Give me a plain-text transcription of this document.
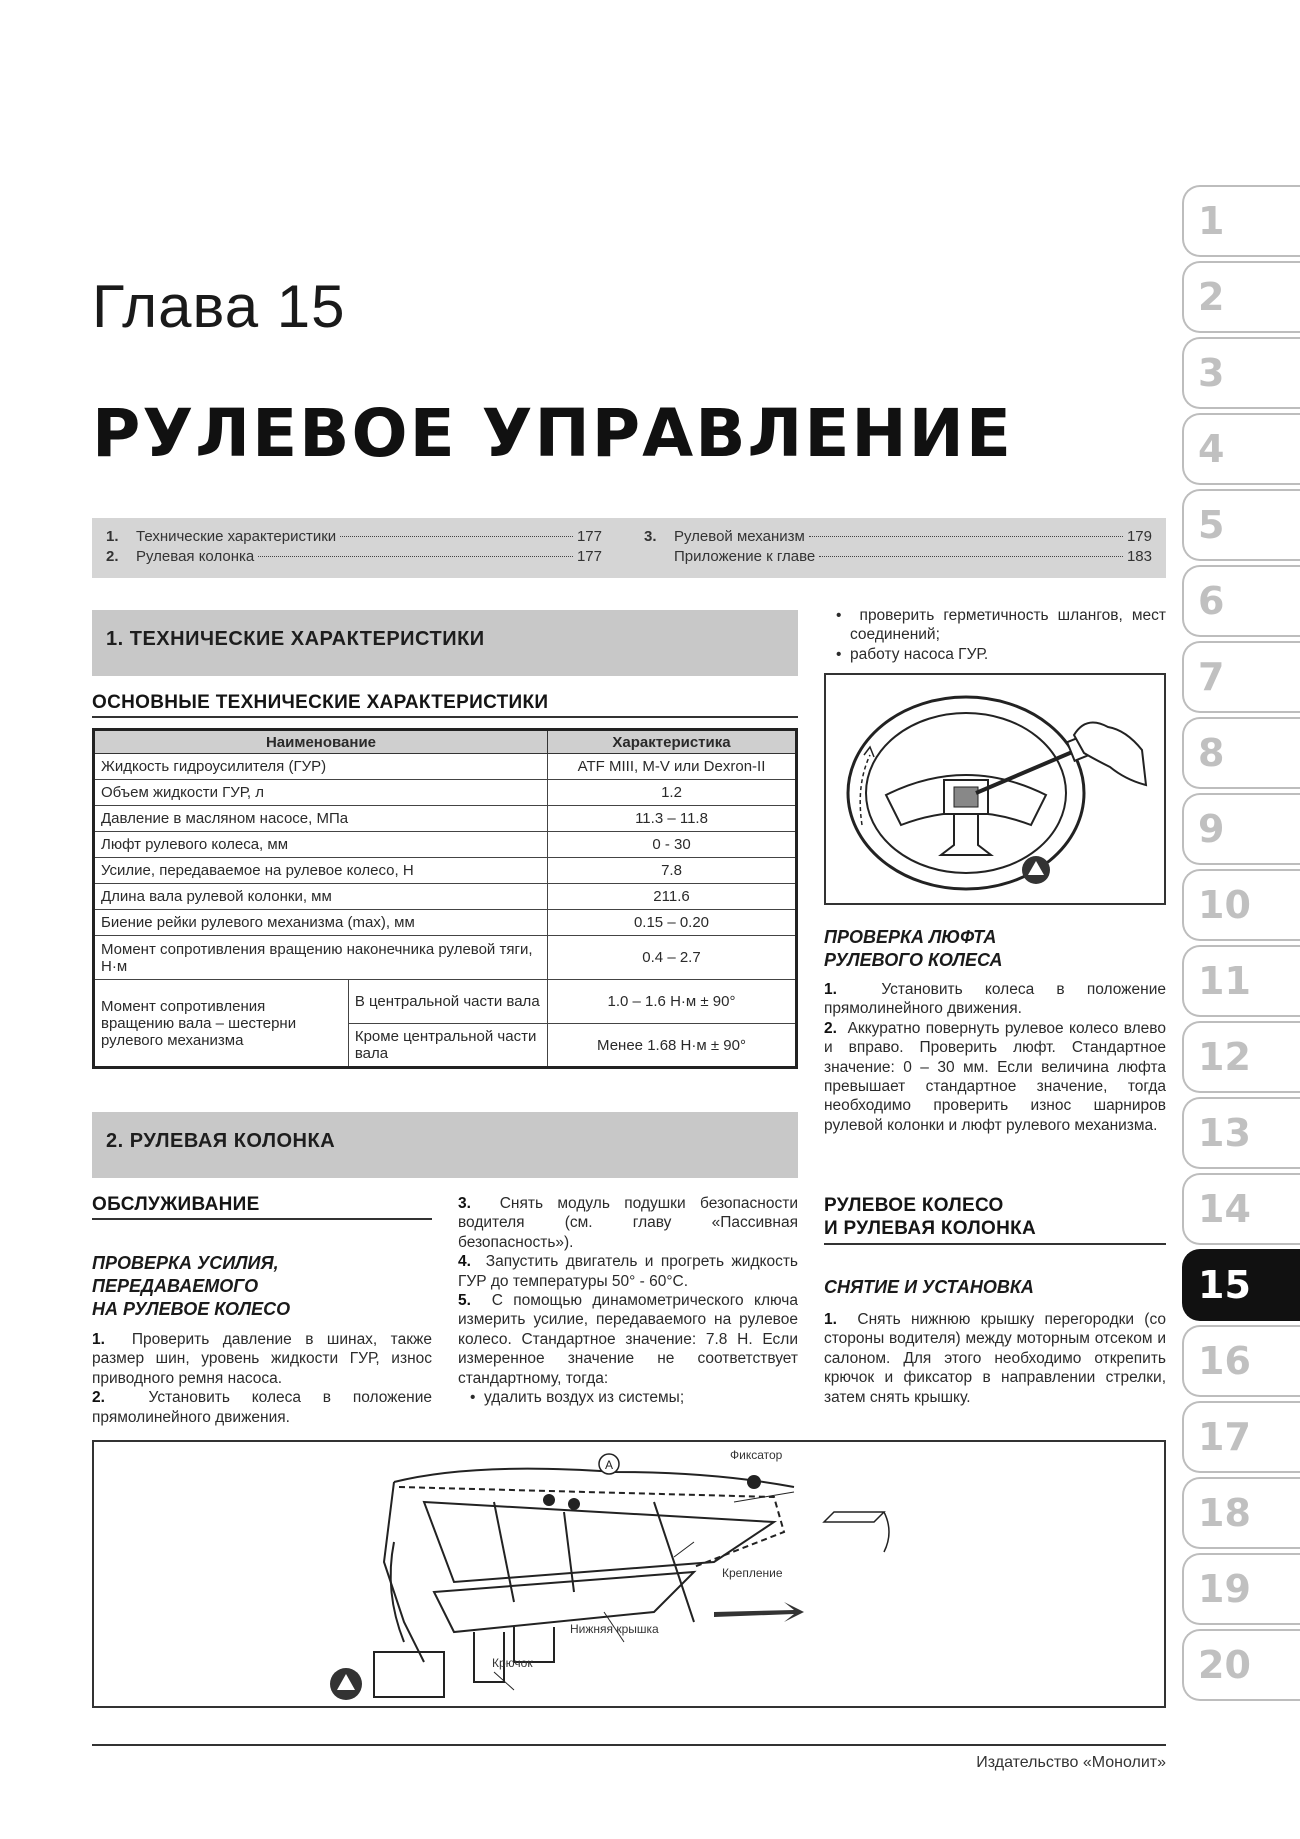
Глава 15
РУЛЕВОЕ УПРАВЛЕНИЕ
1.	Технические характеристики	177
2.	Рулевая колонка	177
3.	Рулевой механизм	179
Приложение к главе	183
1. ТЕХНИЧЕСКИЕ ХАРАКТЕРИСТИКИ
ОСНОВНЫЕ ТЕХНИЧЕСКИЕ ХАРАКТЕРИСТИКИ
Наименование		Характеристика
Жидкость гидроусилителя (ГУР)		ATF MIII, M-V или Dexron-II
Объем жидкости ГУР, л		1.2
Давление в масляном насосе, МПа		11.3 – 11.8
Люфт рулевого колеса, мм		0 - 30
Усилие, передаваемое на рулевое колесо, Н		7.8
Длина вала рулевой колонки, мм		211.6
Биение рейки рулевого механизма (max), мм		0.15 – 0.20
Момент сопротивления вращению наконечника рулевой тяги, Н·м		0.4 – 2.7
Момент сопротивления вращению вала – шестерни рулевого механизма	В центральной части вала	1.0 – 1.6 Н·м ± 90°
	Кроме центральной части вала	Менее 1.68 Н·м ± 90°
2. РУЛЕВАЯ КОЛОНКА
ОБСЛУЖИВАНИЕ
ПРОВЕРКА УСИЛИЯ,
ПЕРЕДАВАЕМОГО
НА РУЛЕВОЕ КОЛЕСО

1. Проверить давление в шинах, также размер шин, уровень жидкости ГУР, износ приводного ремня насоса.

2.	Установить колеса в положение прямолинейного движения.

3. Снять модуль подушки безопасности водителя (см. главу «Пассивная безопасность»).

4. Запустить двигатель и прогреть жидкость ГУР до температуры 50° - 60°С.

5. С помощью динамометрического ключа измерить усилие, передаваемого на рулевое колесо. Стандартное значение: 7.8 Н. Если измеренное значение не соответствует стандартному, тогда:

•  удалить воздух из системы;

•  проверить герметичность шлангов, мест соединений;

•  работу насоса ГУР.

ПРОВЕРКА ЛЮФТА
РУЛЕВОГО КОЛЕСА

1.	Установить колеса в положение прямолинейного движения.

2. Аккуратно повернуть рулевое колесо влево и вправо. Проверить люфт. Стандартное значение: 0 – 30 мм. Если величина люфта превышает стандартное значение, тогда необходимо проверить износ шарниров рулевой колонки и люфт рулевого механизма.

РУЛЕВОЕ КОЛЕСО
И РУЛЕВАЯ КОЛОНКА
СНЯТИЕ И УСТАНОВКА

1. Снять нижнюю крышку перегородки (со стороны водителя) между моторным отсеком и салоном. Для этого необходимо открепить крючок и фиксатор в направлении стрелки, затем снять крышку.

A
Фиксатор
Крепление
Нижняя крышка
Крючок
1
2
3
4
5
6
7
8
9
10
11
12
13
14
15
16
17
18
19
20
Издательство «Монолит»
